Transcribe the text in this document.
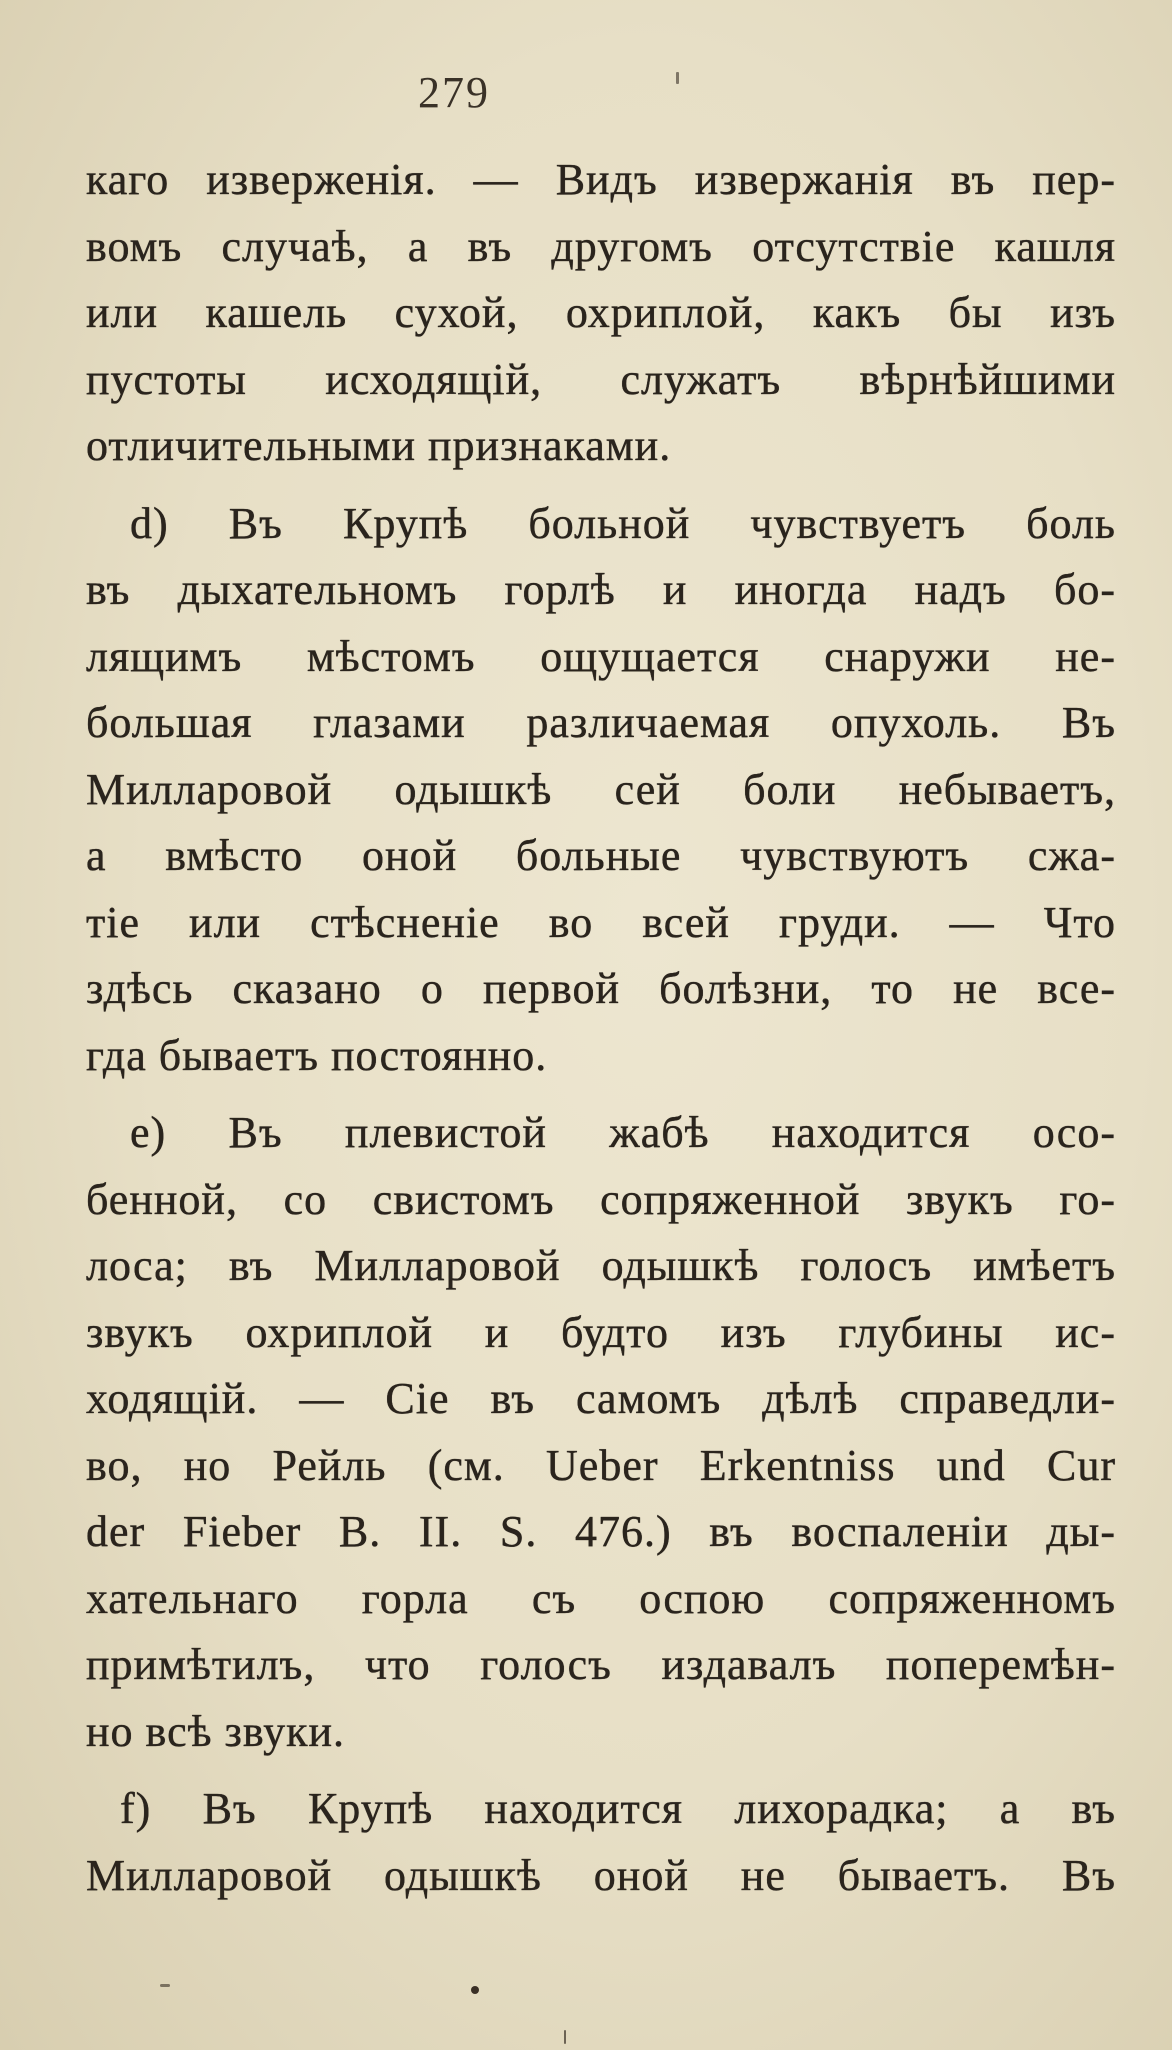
279
каго изверженія. — Видъ извержанія въ пер-
вомъ случаѣ, а въ другомъ отсутствіе кашля
или кашель сухой, охриплой, какъ бы изъ
пустоты исходящій, служатъ вѣрнѣйшими
отличительными признаками.
d) Въ Крупѣ больной чувствуетъ боль
въ дыхательномъ горлѣ и иногда надъ бо-
лящимъ мѣстомъ ощущается снаружи не-
большая глазами различаемая опухоль. Въ
Милларовой одышкѣ сей боли небываетъ,
а вмѣсто оной больные чувствуютъ сжа-
тіе или стѣсненіе во всей груди. — Что
здѣсь сказано о первой болѣзни, то не все-
гда бываетъ постоянно.
e) Въ плевистой жабѣ находится осо-
бенной, со свистомъ сопряженной звукъ го-
лоса; въ Милларовой одышкѣ голосъ имѣетъ
звукъ охриплой и будто изъ глубины ис-
ходящій. — Сіе въ самомъ дѣлѣ справедли-
во, но Рейль (см. Ueber Erkentniss und Cur
der Fieber B. II. S. 476.) въ воспаленіи ды-
хательнаго горла съ оспою сопряженномъ
примѣтилъ, что голосъ издавалъ поперемѣн-
но всѣ звуки.
f) Въ Крупѣ находится лихорадка; а въ
Милларовой одышкѣ оной не бываетъ. Въ
